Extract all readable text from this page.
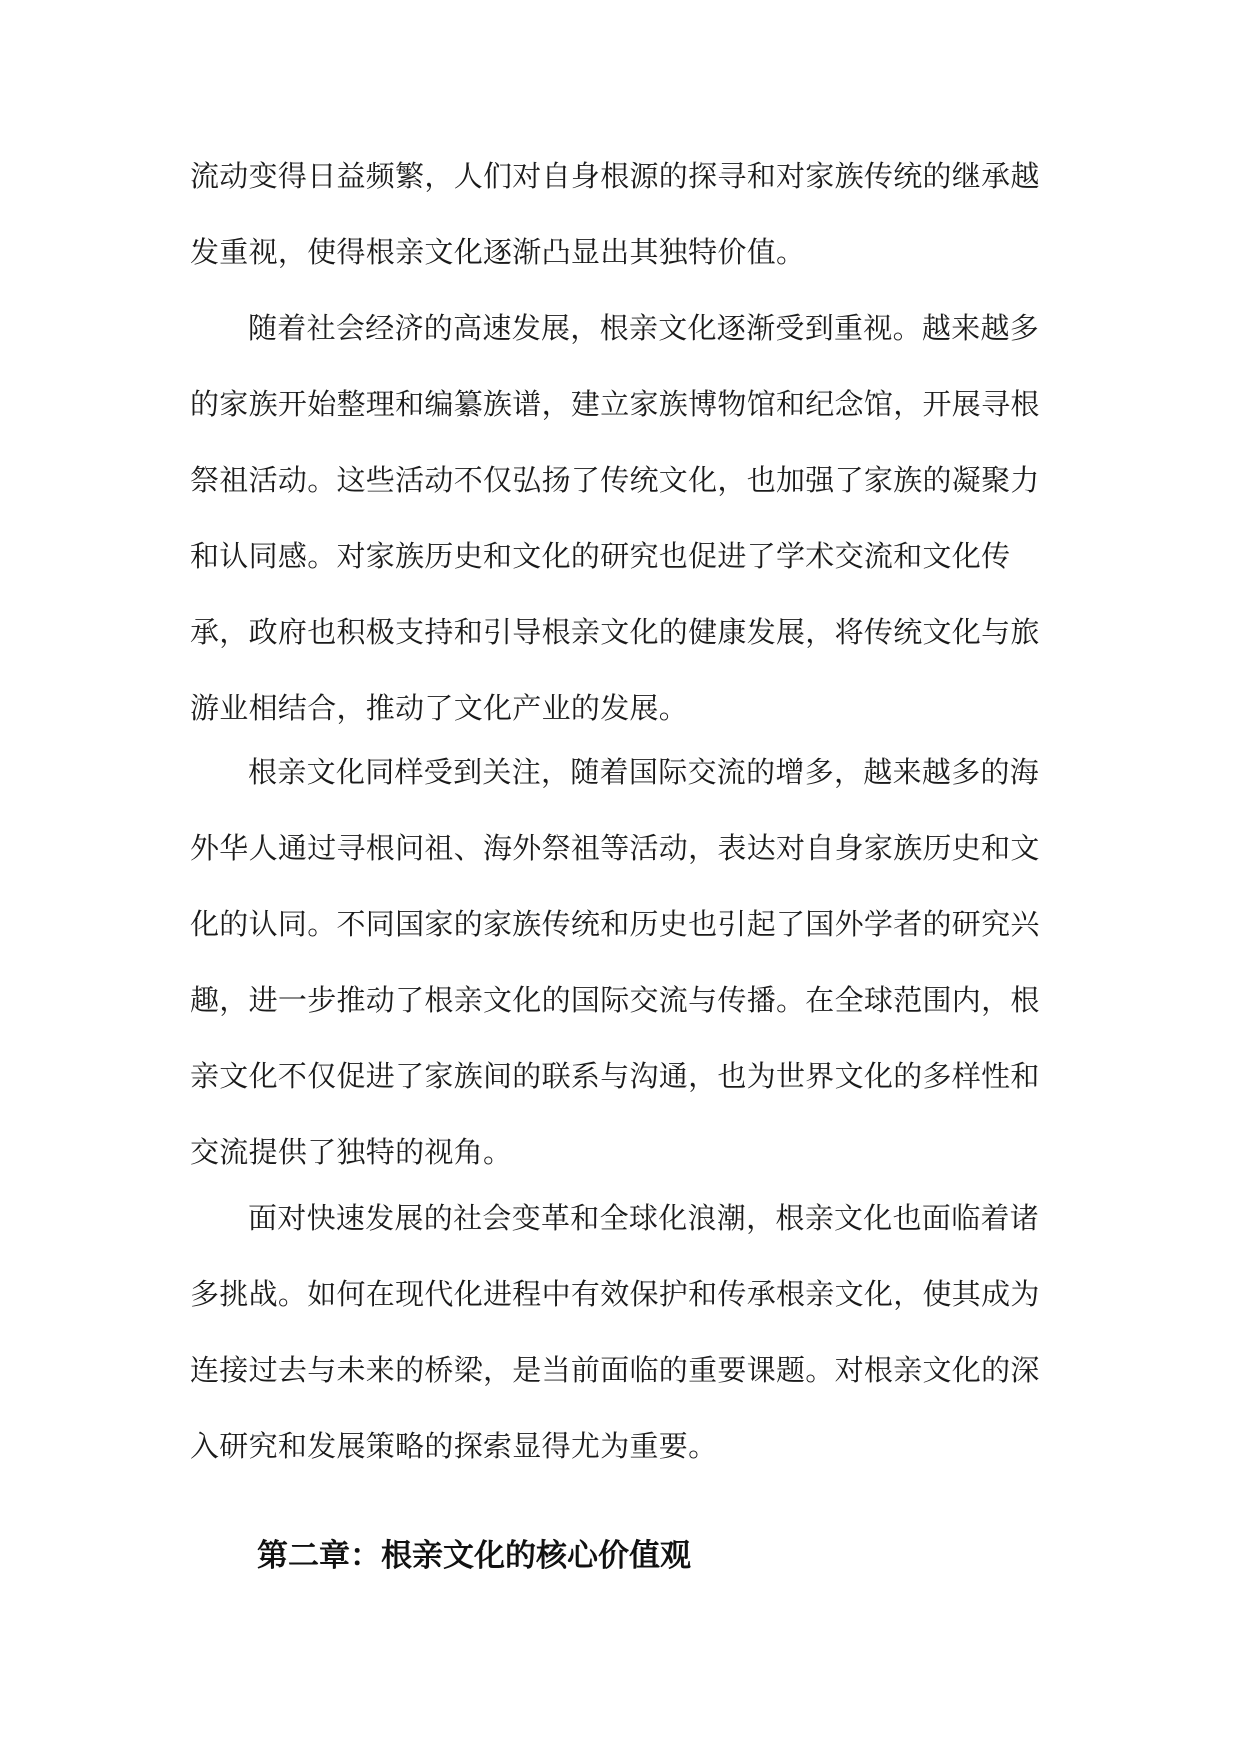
流动变得日益频繁，人们对自身根源的探寻和对家族传统的继承越发重视，使得根亲文化逐渐凸显出其独特价值。

随着社会经济的高速发展，根亲文化逐渐受到重视。越来越多的家族开始整理和编纂族谱，建立家族博物馆和纪念馆，开展寻根祭祖活动。这些活动不仅弘扬了传统文化，也加强了家族的凝聚力和认同感。对家族历史和文化的研究也促进了学术交流和文化传承，政府也积极支持和引导根亲文化的健康发展，将传统文化与旅游业相结合，推动了文化产业的发展。

根亲文化同样受到关注，随着国际交流的增多，越来越多的海外华人通过寻根问祖、海外祭祖等活动，表达对自身家族历史和文化的认同。不同国家的家族传统和历史也引起了国外学者的研究兴趣，进一步推动了根亲文化的国际交流与传播。在全球范围内，根亲文化不仅促进了家族间的联系与沟通，也为世界文化的多样性和交流提供了独特的视角。

面对快速发展的社会变革和全球化浪潮，根亲文化也面临着诸多挑战。如何在现代化进程中有效保护和传承根亲文化，使其成为连接过去与未来的桥梁，是当前面临的重要课题。对根亲文化的深入研究和发展策略的探索显得尤为重要。

第二章：根亲文化的核心价值观
